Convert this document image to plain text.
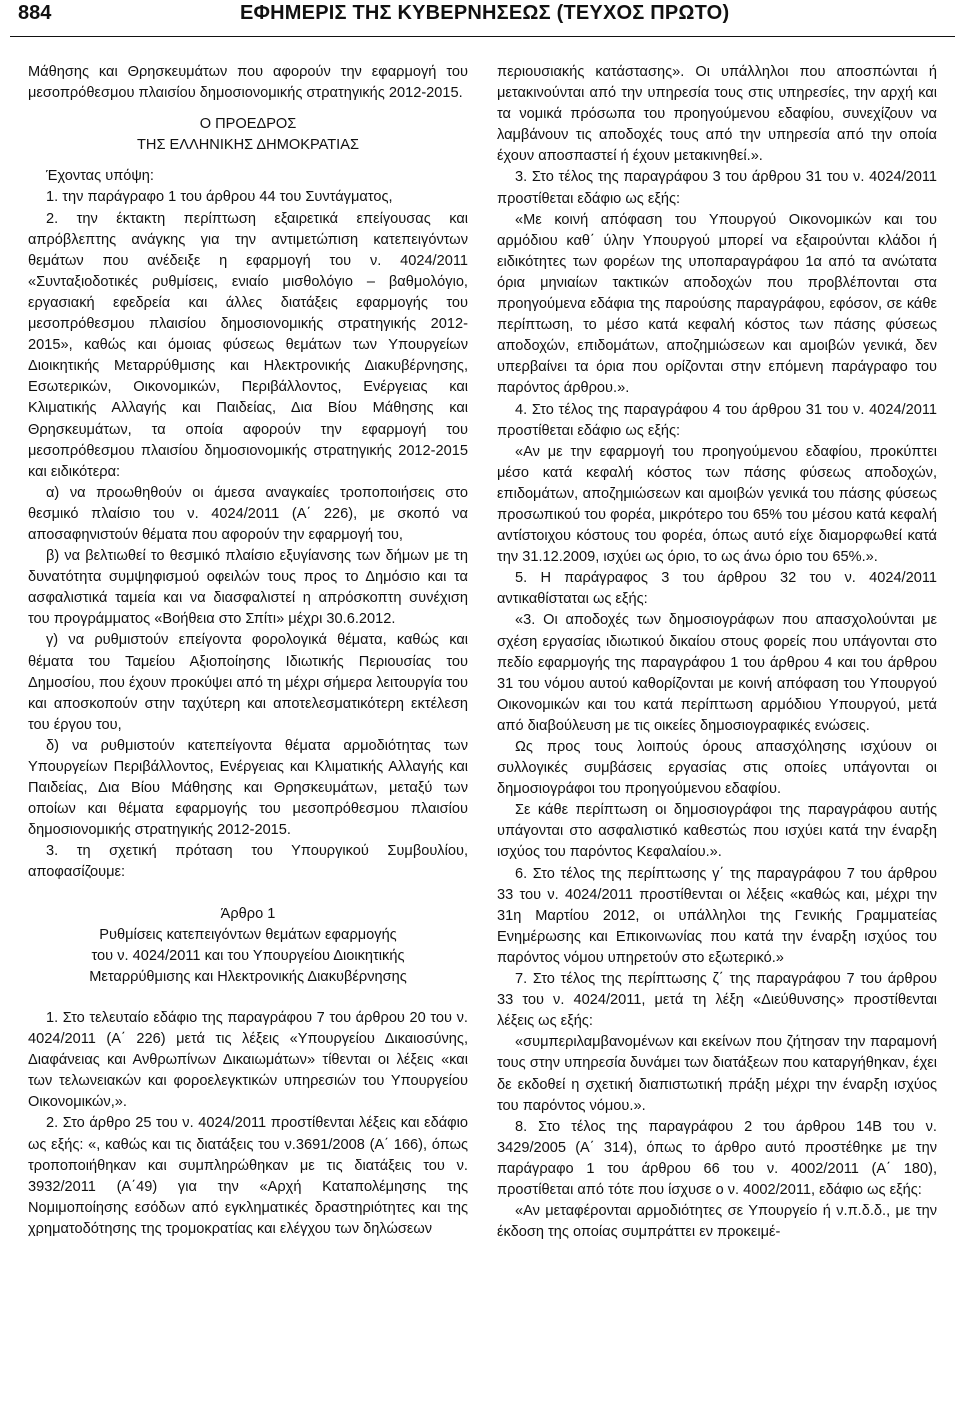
884	ΕΦΗΜΕΡΙΣ ΤΗΣ ΚΥΒΕΡΝΗΣΕΩΣ (ΤΕΥΧΟΣ ΠΡΩΤΟ)

Μάθησης και Θρησκευμάτων που αφορούν την εφαρμογή του μεσοπρόθεσμου πλαισίου δημοσιονομικής στρατηγικής 2012-2015.

Ο ΠΡΟΕΔΡΟΣ

ΤΗΣ ΕΛΛΗΝΙΚΗΣ ΔΗΜΟΚΡΑΤΙΑΣ

Έχοντας υπόψη:

1. την παράγραφο 1 του άρθρου 44 του Συντάγματος,

2. την έκτακτη περίπτωση εξαιρετικά επείγουσας και απρόβλεπτης ανάγκης για την αντιμετώπιση κατεπειγόντων θεμάτων που ανέδειξε η εφαρμογή του ν. 4024/2011 «Συνταξιοδοτικές ρυθμίσεις, ενιαίο μισθολόγιο – βαθμολόγιο, εργασιακή εφεδρεία και άλλες διατάξεις εφαρμογής του μεσοπρόθεσμου πλαισίου δημοσιονομικής στρατηγικής 2012-2015», καθώς και όμοιας φύσεως θεμάτων των Υπουργείων Διοικητικής Μεταρρύθμισης και Ηλεκτρονικής Διακυβέρνησης, Εσωτερικών, Οικονομικών, Περιβάλλοντος, Ενέργειας και Κλιματικής Αλλαγής και Παιδείας, Δια Βίου Μάθησης και Θρησκευμάτων, τα οποία αφορούν την εφαρμογή του μεσοπρόθεσμου πλαισίου δημοσιονομικής στρατηγικής 2012-2015 και ειδικότερα:

α) να προωθηθούν οι άμεσα αναγκαίες τροποποιήσεις στο θεσμικό πλαίσιο του ν. 4024/2011 (Α΄ 226), με σκοπό να αποσαφηνιστούν θέματα που αφορούν την εφαρμογή του,

β) να βελτιωθεί το θεσμικό πλαίσιο εξυγίανσης των δήμων με τη δυνατότητα συμψηφισμού οφειλών τους προς το Δημόσιο και τα ασφαλιστικά ταμεία και να διασφαλιστεί η απρόσκοπτη συνέχιση του προγράμματος «Βοήθεια στο Σπίτι» μέχρι 30.6.2012.

γ) να ρυθμιστούν επείγοντα φορολογικά θέματα, καθώς και θέματα του Ταμείου Αξιοποίησης Ιδιωτικής Περιουσίας του Δημοσίου, που έχουν προκύψει από τη μέχρι σήμερα λειτουργία του και αποσκοπούν στην ταχύτερη και αποτελεσματικότερη εκτέλεση του έργου του,

δ) να ρυθμιστούν κατεπείγοντα θέματα αρμοδιότητας των Υπουργείων Περιβάλλοντος, Ενέργειας και Κλιματικής Αλλαγής και Παιδείας, Δια Βίου Μάθησης και Θρησκευμάτων, μεταξύ των οποίων και θέματα εφαρμογής του μεσοπρόθεσμου πλαισίου δημοσιονομικής στρατηγικής 2012-2015.

3. τη σχετική πρόταση του Υπουργικού Συμβουλίου, αποφασίζουμε:

Άρθρο 1

Ρυθμίσεις κατεπειγόντων θεμάτων εφαρμογής

του ν. 4024/2011 και του Υπουργείου Διοικητικής

Μεταρρύθμισης και Ηλεκτρονικής Διακυβέρνησης

1. Στο τελευταίο εδάφιο της παραγράφου 7 του άρθρου 20 του ν. 4024/2011 (Α΄ 226) μετά τις λέξεις «Υπουργείου Δικαιοσύνης, Διαφάνειας και Ανθρωπίνων Δικαιωμάτων» τίθενται οι λέξεις «και των τελωνειακών και φοροελεγκτικών υπηρεσιών του Υπουργείου Οικονομικών,».

2. Στο άρθρο 25 του ν. 4024/2011 προστίθενται λέξεις και εδάφιο ως εξής: «, καθώς και τις διατάξεις του ν.3691/2008 (Α΄ 166), όπως τροποποιήθηκαν και συμπληρώθηκαν με τις διατάξεις του ν. 3932/2011 (Α΄49) για την «Αρχή Καταπολέμησης της Νομιμοποίησης εσόδων από εγκληματικές δραστηριότητες και της χρηματοδότησης της τρομοκρατίας και ελέγχου των δηλώσεων

περιουσιακής κατάστασης». Οι υπάλληλοι που αποσπώνται ή μετακινούνται από την υπηρεσία τους στις υπηρεσίες, την αρχή και τα νομικά πρόσωπα του προηγούμενου εδαφίου, συνεχίζουν να λαμβάνουν τις αποδοχές τους από την υπηρεσία από την οποία έχουν αποσπαστεί ή έχουν μετακινηθεί.».

3. Στο τέλος της παραγράφου 3 του άρθρου 31 του ν. 4024/2011 προστίθεται εδάφιο ως εξής:

«Με κοινή απόφαση του Υπουργού Οικονομικών και του αρμόδιου καθ΄ ύλην Υπουργού μπορεί να εξαιρούνται κλάδοι ή ειδικότητες των φορέων της υποπαραγράφου 1α από τα ανώτατα όρια μηνιαίων τακτικών αποδοχών που προβλέπονται στα προηγούμενα εδάφια της παρούσης παραγράφου, εφόσον, σε κάθε περίπτωση, το μέσο κατά κεφαλή κόστος των πάσης φύσεως αποδοχών, επιδομάτων, αποζημιώσεων και αμοιβών γενικά, δεν υπερβαίνει τα όρια που ορίζονται στην επόμενη παράγραφο του παρόντος άρθρου.».

4. Στο τέλος της παραγράφου 4 του άρθρου 31 του ν. 4024/2011 προστίθεται εδάφιο ως εξής:

«Αν με την εφαρμογή του προηγούμενου εδαφίου, προκύπτει μέσο κατά κεφαλή κόστος των πάσης φύσεως αποδοχών, επιδομάτων, αποζημιώσεων και αμοιβών γενικά του πάσης φύσεως προσωπικού του φορέα, μικρότερο του 65% του μέσου κατά κεφαλή αντίστοιχου κόστους του φορέα, όπως αυτό είχε διαμορφωθεί κατά την 31.12.2009, ισχύει ως όριο, το ως άνω όριο του 65%.».

5. Η παράγραφος 3 του άρθρου 32 του ν. 4024/2011 αντικαθίσταται ως εξής:

«3. Οι αποδοχές των δημοσιογράφων που απασχολούνται με σχέση εργασίας ιδιωτικού δικαίου στους φορείς που υπάγονται στο πεδίο εφαρμογής της παραγράφου 1 του άρθρου 4 και του άρθρου 31 του νόμου αυτού καθορίζονται με κοινή απόφαση του Υπουργού Οικονομικών και του κατά περίπτωση αρμόδιου Υπουργού, μετά από διαβούλευση με τις οικείες δημοσιογραφικές ενώσεις.

Ως προς τους λοιπούς όρους απασχόλησης ισχύουν οι συλλογικές συμβάσεις εργασίας στις οποίες υπάγονται οι δημοσιογράφοι του προηγούμενου εδαφίου.

Σε κάθε περίπτωση οι δημοσιογράφοι της παραγράφου αυτής υπάγονται στο ασφαλιστικό καθεστώς που ισχύει κατά την έναρξη ισχύος του παρόντος Κεφαλαίου.».

6. Στο τέλος της περίπτωσης γ΄ της παραγράφου 7 του άρθρου 33 του ν. 4024/2011 προστίθενται οι λέξεις «καθώς και, μέχρι την 31η Μαρτίου 2012, οι υπάλληλοι της Γενικής Γραμματείας Ενημέρωσης και Επικοινωνίας που κατά την έναρξη ισχύος του παρόντος νόμου υπηρετούν στο εξωτερικό.»

7. Στο τέλος της περίπτωσης ζ΄ της παραγράφου 7 του άρθρου 33 του ν. 4024/2011, μετά τη λέξη «Διεύθυνσης» προστίθενται λέξεις ως εξής:

«συμπεριλαμβανομένων και εκείνων που ζήτησαν την παραμονή τους στην υπηρεσία δυνάμει των διατάξεων που καταργήθηκαν, έχει δε εκδοθεί η σχετική διαπιστωτική πράξη μέχρι την έναρξη ισχύος του παρόντος νόμου.».

8. Στο τέλος της παραγράφου 2 του άρθρου 14Β του ν. 3429/2005 (Α΄ 314), όπως το άρθρο αυτό προστέθηκε με την παράγραφο 1 του άρθρου 66 του ν. 4002/2011 (Α΄ 180), προστίθεται από τότε που ίσχυσε ο ν. 4002/2011, εδάφιο ως εξής:

«Αν μεταφέρονται αρμοδιότητες σε Υπουργείο ή ν.π.δ.δ., με την έκδοση της οποίας συμπράττει εν προκειμέ-
